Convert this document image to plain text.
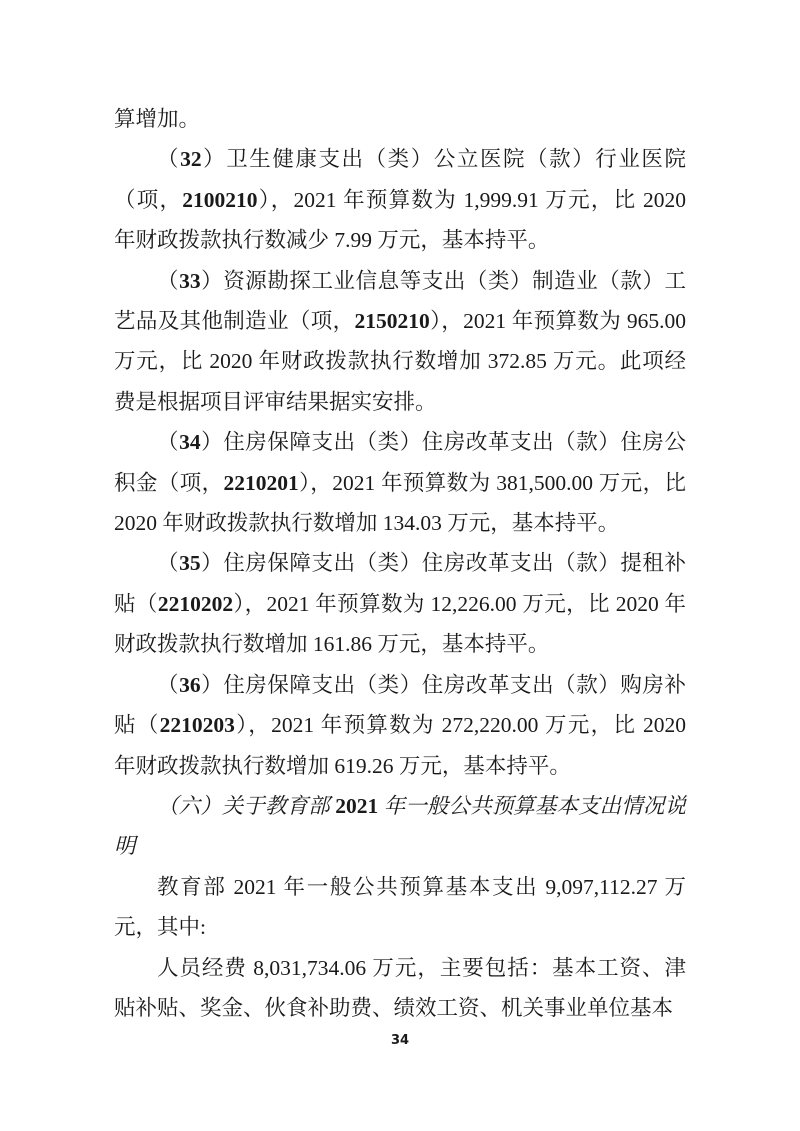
算增加。

（32）卫生健康支出（类）公立医院（款）行业医院（项，2100210），2021 年预算数为 1,999.91 万元，比 2020 年财政拨款执行数减少 7.99 万元，基本持平。

（33）资源勘探工业信息等支出（类）制造业（款）工艺品及其他制造业（项，2150210），2021 年预算数为 965.00 万元，比 2020 年财政拨款执行数增加 372.85 万元。此项经费是根据项目评审结果据实安排。

（34）住房保障支出（类）住房改革支出（款）住房公积金（项，2210201），2021 年预算数为 381,500.00 万元，比 2020 年财政拨款执行数增加 134.03 万元，基本持平。

（35）住房保障支出（类）住房改革支出（款）提租补贴（2210202），2021 年预算数为 12,226.00 万元，比 2020 年财政拨款执行数增加 161.86 万元，基本持平。

（36）住房保障支出（类）住房改革支出（款）购房补贴（2210203），2021 年预算数为 272,220.00 万元，比 2020 年财政拨款执行数增加 619.26 万元，基本持平。

（六）关于教育部 2021 年一般公共预算基本支出情况说明

教育部 2021 年一般公共预算基本支出 9,097,112.27 万元，其中:

人员经费 8,031,734.06 万元，主要包括：基本工资、津贴补贴、奖金、伙食补助费、绩效工资、机关事业单位基本

34
